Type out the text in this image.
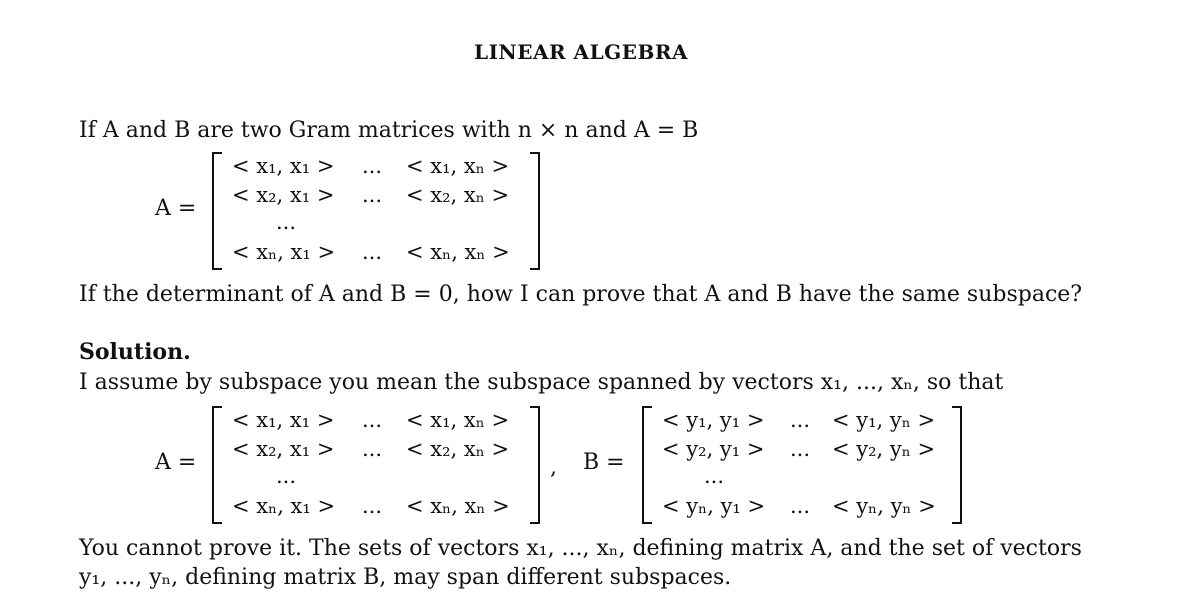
LINEAR ALGEBRA
If A and B are two Gram matrices with n × n and A = B
A =
< x₁, x₁ > ... < x₁, xₙ >
< x₂, x₁ > ... < x₂, xₙ >
...
< xₙ, x₁ > ... < xₙ, xₙ >
If the determinant of A and B = 0, how I can prove that A and B have the same subspace?
Solution.
I assume by subspace you mean the subspace spanned by vectors x₁, ..., xₙ, so that
A =
< x₁, x₁ > ... < x₁, xₙ >
< x₂, x₁ > ... < x₂, xₙ >
...
< xₙ, x₁ > ... < xₙ, xₙ >
, B =
< y₁, y₁ > ... < y₁, yₙ >
< y₂, y₁ > ... < y₂, yₙ >
...
< yₙ, y₁ > ... < yₙ, yₙ >
You cannot prove it. The sets of vectors x₁, ..., xₙ, defining matrix A, and the set of vectors
y₁, ..., yₙ, defining matrix B, may span different subspaces.
